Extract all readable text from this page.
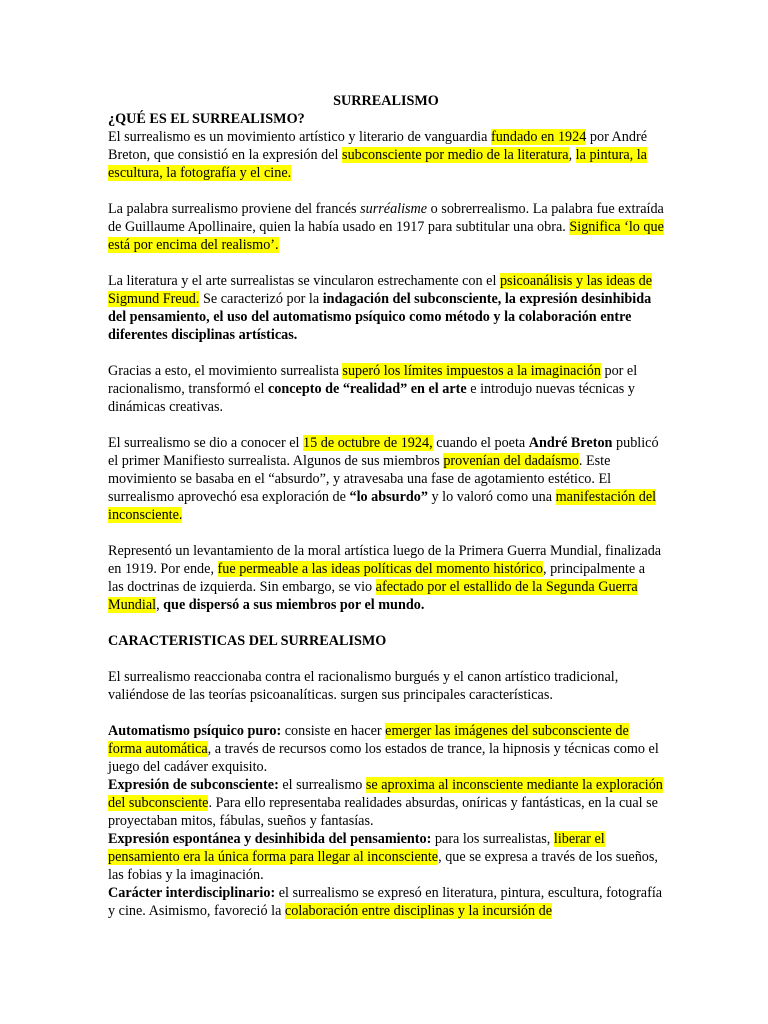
SURREALISMO

¿QUÉ ES EL SURREALISMO?

El surrealismo es un movimiento artístico y literario de vanguardia fundado en 1924 por André Breton, que consistió en la expresión del subconsciente por medio de la literatura, la pintura, la escultura, la fotografía y el cine.

La palabra surrealismo proviene del francés surréalisme o sobrerrealismo. La palabra fue extraída de Guillaume Apollinaire, quien la había usado en 1917 para subtitular una obra. Significa ‘lo que está por encima del realismo’.

La literatura y el arte surrealistas se vincularon estrechamente con el psicoanálisis y las ideas de Sigmund Freud. Se caracterizó por la indagación del subconsciente, la expresión desinhibida del pensamiento, el uso del automatismo psíquico como método y la colaboración entre diferentes disciplinas artísticas.

Gracias a esto, el movimiento surrealista superó los límites impuestos a la imaginación por el racionalismo, transformó el concepto de “realidad” en el arte e introdujo nuevas técnicas y dinámicas creativas.

El surrealismo se dio a conocer el 15 de octubre de 1924, cuando el poeta André Breton publicó el primer Manifiesto surrealista. Algunos de sus miembros provenían del dadaísmo. Este movimiento se basaba en el “absurdo”, y atravesaba una fase de agotamiento estético. El surrealismo aprovechó esa exploración de “lo absurdo” y lo valoró como una manifestación del inconsciente.

Representó un levantamiento de la moral artística luego de la Primera Guerra Mundial, finalizada en 1919. Por ende, fue permeable a las ideas políticas del momento histórico, principalmente a las doctrinas de izquierda. Sin embargo, se vio afectado por el estallido de la Segunda Guerra Mundial, que dispersó a sus miembros por el mundo.

CARACTERISTICAS DEL SURREALISMO

El surrealismo reaccionaba contra el racionalismo burgués y el canon artístico tradicional, valiéndose de las teorías psicoanalíticas. surgen sus principales características.

Automatismo psíquico puro: consiste en hacer emerger las imágenes del subconsciente de forma automática, a través de recursos como los estados de trance, la hipnosis y técnicas como el juego del cadáver exquisito.

Expresión de subconsciente: el surrealismo se aproxima al inconsciente mediante la exploración del subconsciente. Para ello representaba realidades absurdas, oníricas y fantásticas, en la cual se proyectaban mitos, fábulas, sueños y fantasías.

Expresión espontánea y desinhibida del pensamiento: para los surrealistas, liberar el pensamiento era la única forma para llegar al inconsciente, que se expresa a través de los sueños, las fobias y la imaginación.

Carácter interdisciplinario: el surrealismo se expresó en literatura, pintura, escultura, fotografía y cine. Asimismo, favoreció la colaboración entre disciplinas y la incursión de
